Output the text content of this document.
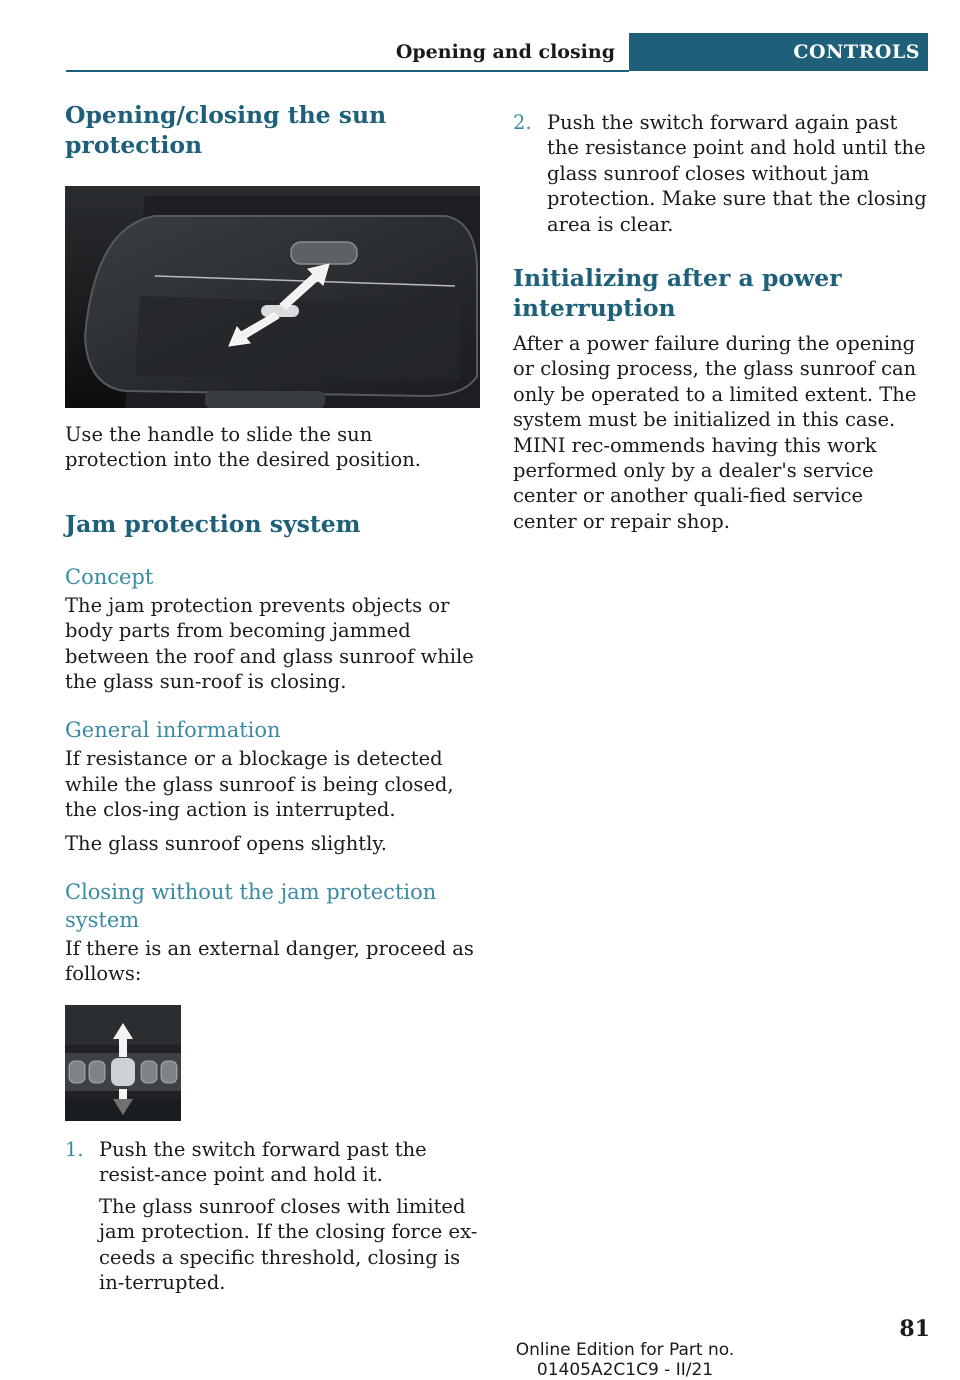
Opening and closing	CONTROLS
Opening/closing the sun protection

Use the handle to slide the sun protection into the desired position.

Jam protection system
Concept

The jam protection prevents objects or body parts from becoming jammed between the roof and glass sunroof while the glass sun-roof is closing.

General information

If resistance or a blockage is detected while the glass sunroof is being closed, the clos-ing action is interrupted.

The glass sunroof opens slightly.

Closing without the jam protection system

If there is an external danger, proceed as follows:

1. Push the switch forward past the resist-ance point and hold it.

The glass sunroof closes with limited jam protection. If the closing force ex-ceeds a specific threshold, closing is in-terrupted.

2. Push the switch forward again past the resistance point and hold until the glass sunroof closes without jam protection. Make sure that the closing area is clear.

Initializing after a power interruption

After a power failure during the opening or closing process, the glass sunroof can only be operated to a limited extent. The system must be initialized in this case. MINI rec-ommends having this work performed only by a dealer's service center or another quali-fied service center or repair shop.

Online Edition for Part no. 01405A2C1C9 - II/21
81
